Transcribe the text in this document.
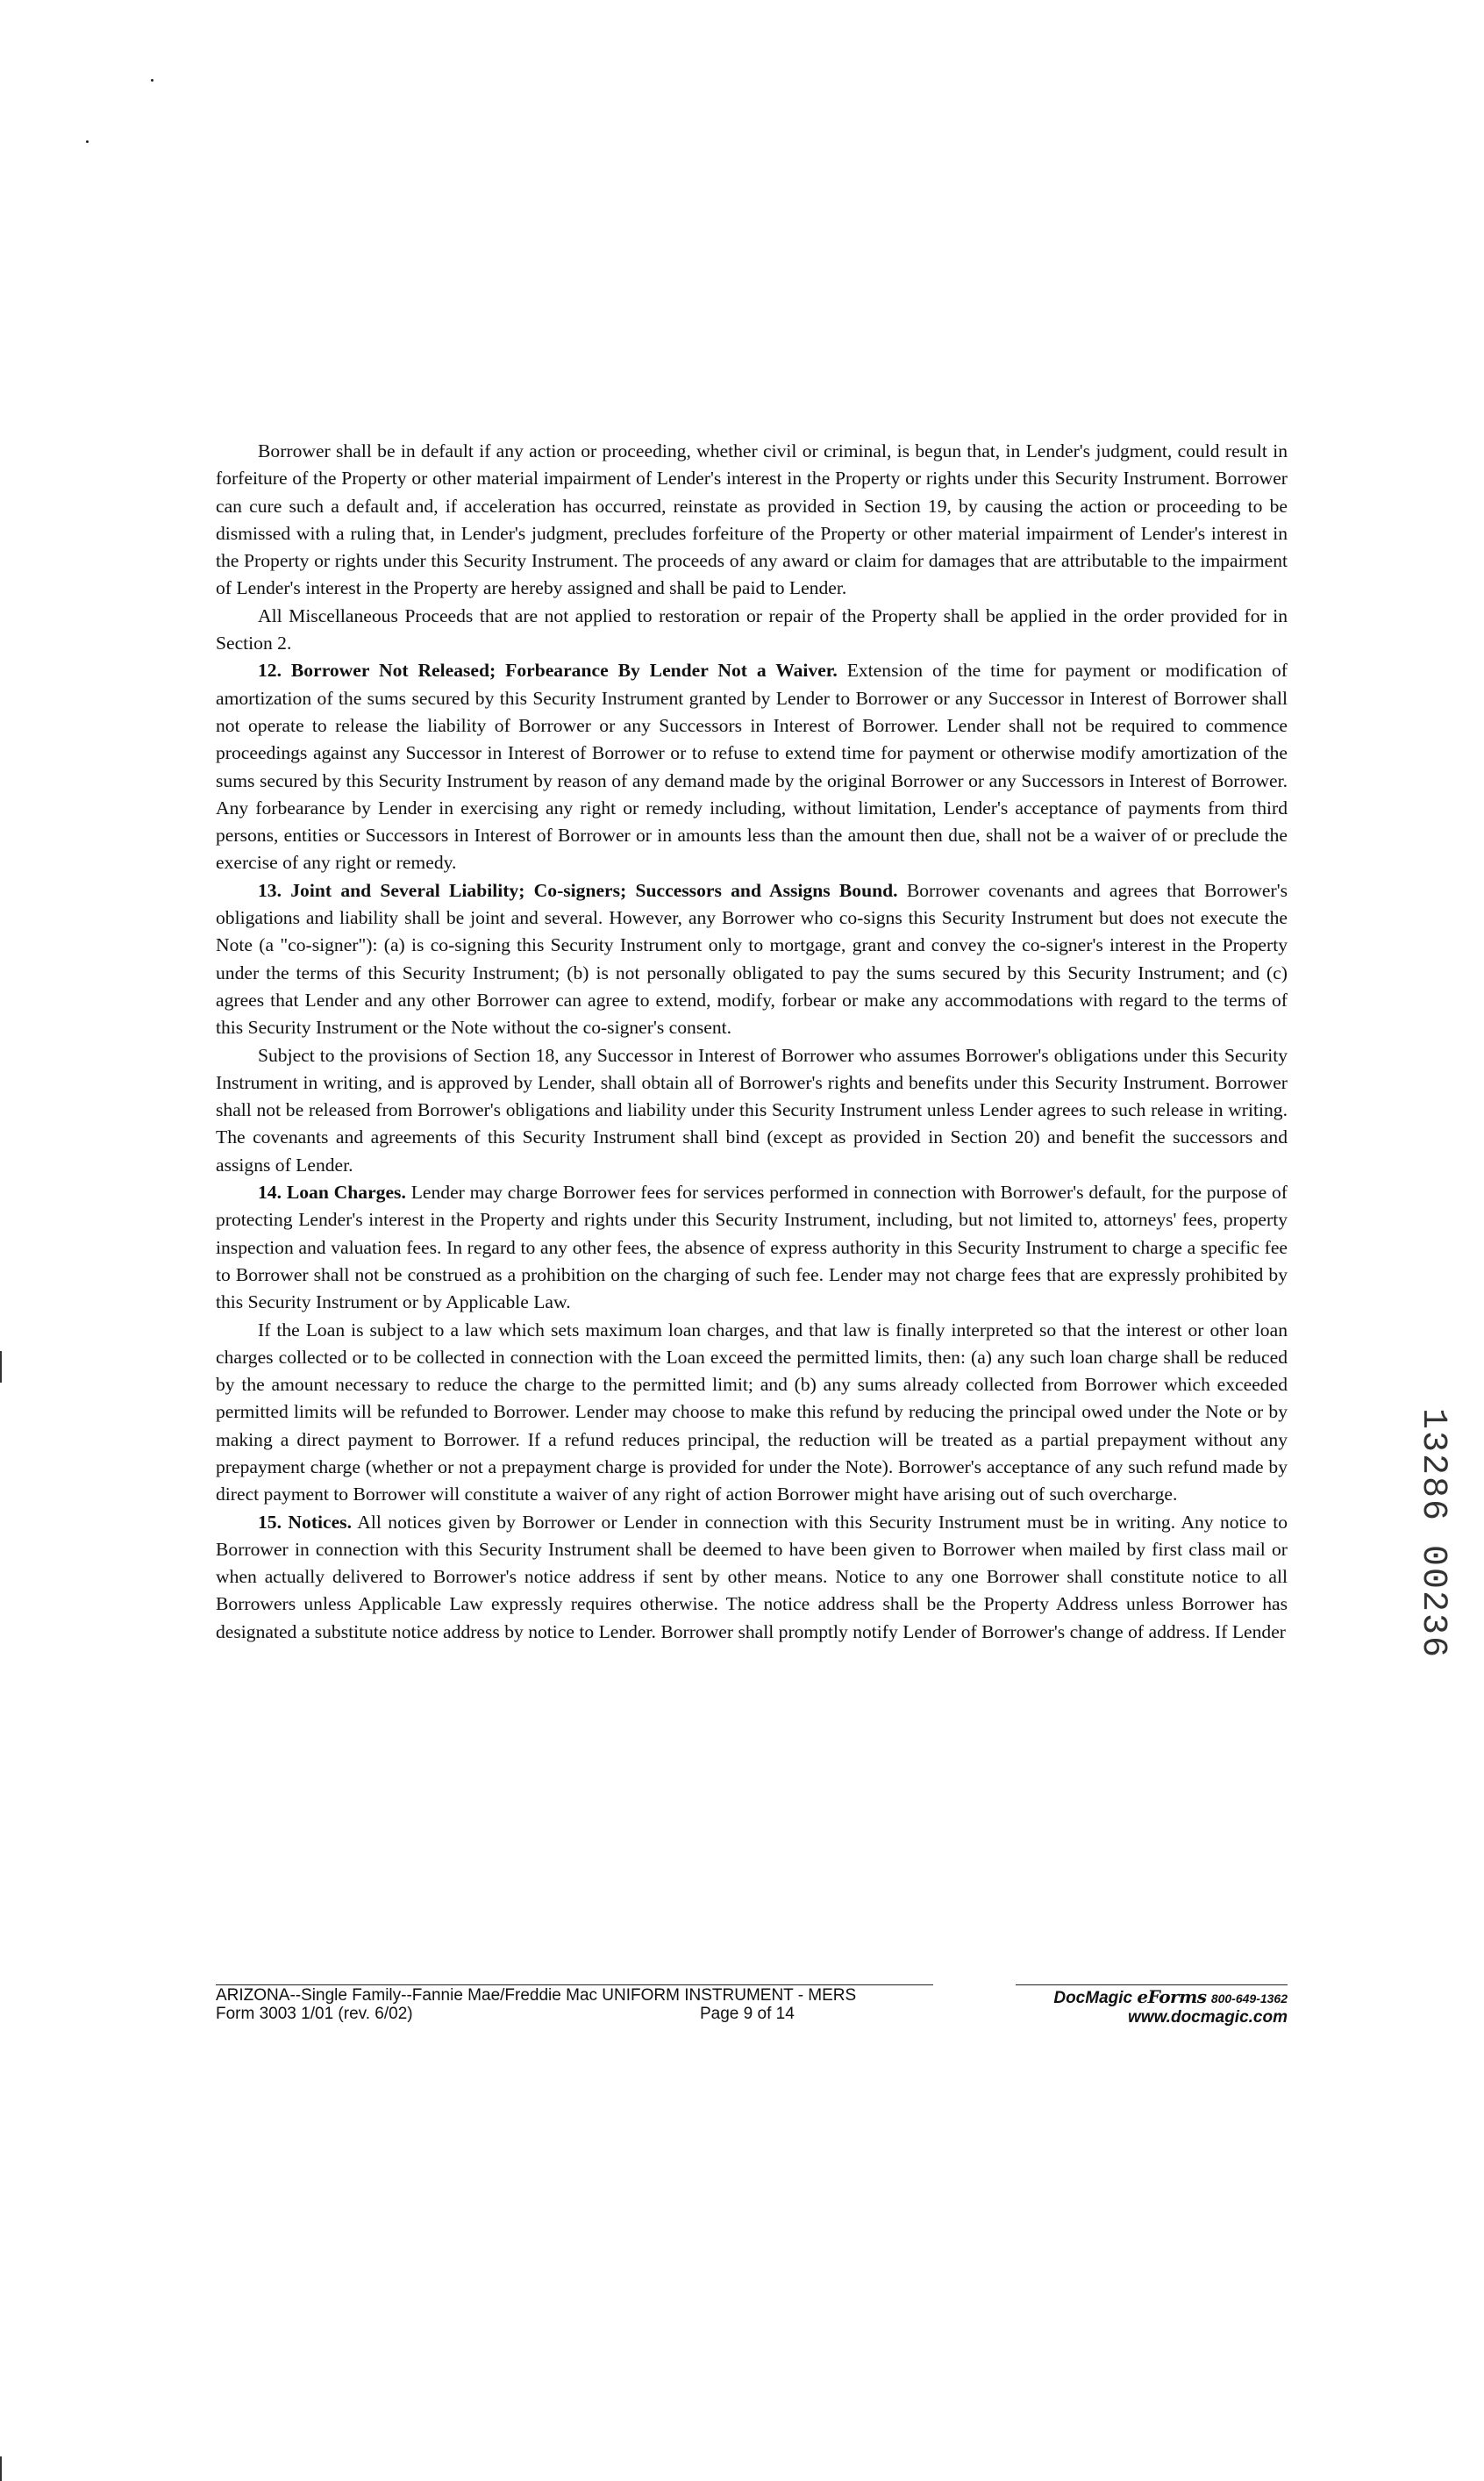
Borrower shall be in default if any action or proceeding, whether civil or criminal, is begun that, in Lender's judgment, could result in forfeiture of the Property or other material impairment of Lender's interest in the Property or rights under this Security Instrument. Borrower can cure such a default and, if acceleration has occurred, reinstate as provided in Section 19, by causing the action or proceeding to be dismissed with a ruling that, in Lender's judgment, precludes forfeiture of the Property or other material impairment of Lender's interest in the Property or rights under this Security Instrument. The proceeds of any award or claim for damages that are attributable to the impairment of Lender's interest in the Property are hereby assigned and shall be paid to Lender.

All Miscellaneous Proceeds that are not applied to restoration or repair of the Property shall be applied in the order provided for in Section 2.

12. Borrower Not Released; Forbearance By Lender Not a Waiver. Extension of the time for payment or modification of amortization of the sums secured by this Security Instrument granted by Lender to Borrower or any Successor in Interest of Borrower shall not operate to release the liability of Borrower or any Successors in Interest of Borrower. Lender shall not be required to commence proceedings against any Successor in Interest of Borrower or to refuse to extend time for payment or otherwise modify amortization of the sums secured by this Security Instrument by reason of any demand made by the original Borrower or any Successors in Interest of Borrower. Any forbearance by Lender in exercising any right or remedy including, without limitation, Lender's acceptance of payments from third persons, entities or Successors in Interest of Borrower or in amounts less than the amount then due, shall not be a waiver of or preclude the exercise of any right or remedy.

13. Joint and Several Liability; Co-signers; Successors and Assigns Bound. Borrower covenants and agrees that Borrower's obligations and liability shall be joint and several. However, any Borrower who co-signs this Security Instrument but does not execute the Note (a "co-signer"): (a) is co-signing this Security Instrument only to mortgage, grant and convey the co-signer's interest in the Property under the terms of this Security Instrument; (b) is not personally obligated to pay the sums secured by this Security Instrument; and (c) agrees that Lender and any other Borrower can agree to extend, modify, forbear or make any accommodations with regard to the terms of this Security Instrument or the Note without the co-signer's consent.

Subject to the provisions of Section 18, any Successor in Interest of Borrower who assumes Borrower's obligations under this Security Instrument in writing, and is approved by Lender, shall obtain all of Borrower's rights and benefits under this Security Instrument. Borrower shall not be released from Borrower's obligations and liability under this Security Instrument unless Lender agrees to such release in writing. The covenants and agreements of this Security Instrument shall bind (except as provided in Section 20) and benefit the successors and assigns of Lender.

14. Loan Charges. Lender may charge Borrower fees for services performed in connection with Borrower's default, for the purpose of protecting Lender's interest in the Property and rights under this Security Instrument, including, but not limited to, attorneys' fees, property inspection and valuation fees. In regard to any other fees, the absence of express authority in this Security Instrument to charge a specific fee to Borrower shall not be construed as a prohibition on the charging of such fee. Lender may not charge fees that are expressly prohibited by this Security Instrument or by Applicable Law.

If the Loan is subject to a law which sets maximum loan charges, and that law is finally interpreted so that the interest or other loan charges collected or to be collected in connection with the Loan exceed the permitted limits, then: (a) any such loan charge shall be reduced by the amount necessary to reduce the charge to the permitted limit; and (b) any sums already collected from Borrower which exceeded permitted limits will be refunded to Borrower. Lender may choose to make this refund by reducing the principal owed under the Note or by making a direct payment to Borrower. If a refund reduces principal, the reduction will be treated as a partial prepayment without any prepayment charge (whether or not a prepayment charge is provided for under the Note). Borrower's acceptance of any such refund made by direct payment to Borrower will constitute a waiver of any right of action Borrower might have arising out of such overcharge.

15. Notices. All notices given by Borrower or Lender in connection with this Security Instrument must be in writing. Any notice to Borrower in connection with this Security Instrument shall be deemed to have been given to Borrower when mailed by first class mail or when actually delivered to Borrower's notice address if sent by other means. Notice to any one Borrower shall constitute notice to all Borrowers unless Applicable Law expressly requires otherwise. The notice address shall be the Property Address unless Borrower has designated a substitute notice address by notice to Lender. Borrower shall promptly notify Lender of Borrower's change of address. If Lender	13286 00236
ARIZONA--Single Family--Fannie Mae/Freddie Mac UNIFORM INSTRUMENT - MERS
Form 3003 1/01 (rev. 6/02)	Page 9 of 14
DocMagic eForms 800-649-1362
www.docmagic.com
